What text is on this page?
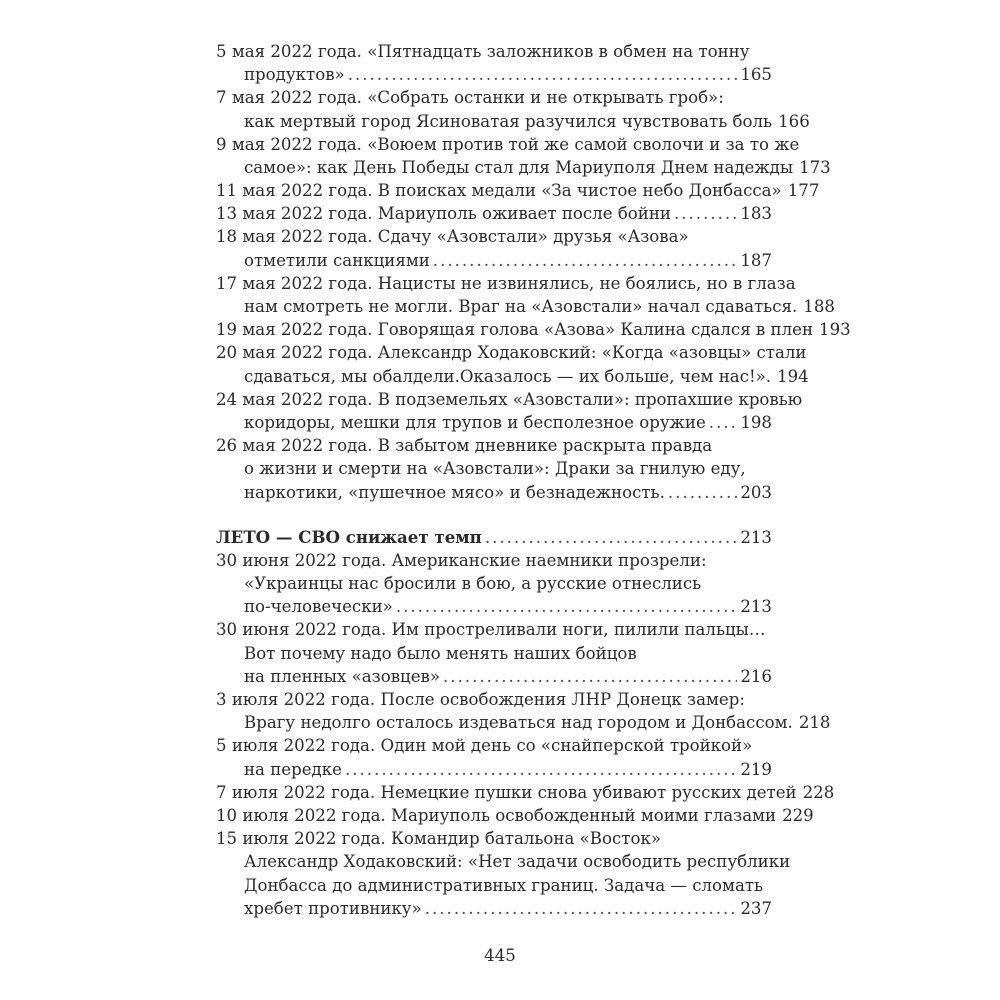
5 мая 2022 года. «Пятнадцать заложников в обмен на тонну
продуктов» .....	165
7 мая 2022 года. «Собрать останки и не открывать гроб»:
как мертвый город Ясиноватая разучился чувствовать боль 166
9 мая 2022 года. «Воюем против той же самой сволочи и за то же
самое»: как День Победы стал для Мариуполя Днем надежды 173
11 мая 2022 года. В поисках медали «За чистое небо Донбасса» 177
13 мая 2022 года. Мариуполь оживает после бойни .....	183
18 мая 2022 года. Сдачу «Азовстали» друзья «Азова»
отметили санкциями .....	187
17 мая 2022 года. Нацисты не извинялись, не боялись, но в глаза
нам смотреть не могли. Враг на «Азовстали» начал сдаваться. 188
19 мая 2022 года. Говорящая голова «Азова» Калина сдался в плен 193
20 мая 2022 года. Александр Ходаковский: «Когда «азовцы» стали
сдаваться, мы обалдели.Оказалось — их больше, чем нас!». 194
24 мая 2022 года. В подземельях «Азовстали»: пропахшие кровью
коридоры, мешки для трупов и бесполезное оружие ..... 198
26 мая 2022 года. В забытом дневнике раскрыта правда
о жизни и смерти на «Азовстали»: Драки за гнилую еду,
наркотики, «пушечное мясо» и безнадежность. .....	203
ЛЕТО — СВО снижает темп .....	213
30 июня 2022 года. Американские наемники прозрели:
«Украинцы нас бросили в бою, а русские отнеслись
по-человечески» .....	213
30 июня 2022 года. Им простреливали ноги, пилили пальцы…
Вот почему надо было менять наших бойцов
на пленных «азовцев» .....	216
3 июля 2022 года. После освобождения ЛНР Донецк замер:
Врагу недолго осталось издеваться над городом и Донбассом. 218
5 июля 2022 года. Один мой день со «снайперской тройкой»
на передке .....	219
7 июля 2022 года. Немецкие пушки снова убивают русских детей 228
10 июля 2022 года. Мариуполь освобожденный моими глазами 229
15 июля 2022 года. Командир батальона «Восток»
Александр Ходаковский: «Нет задачи освободить республики
Донбасса до административных границ. Задача — сломать
хребет противнику» .....	237
445
